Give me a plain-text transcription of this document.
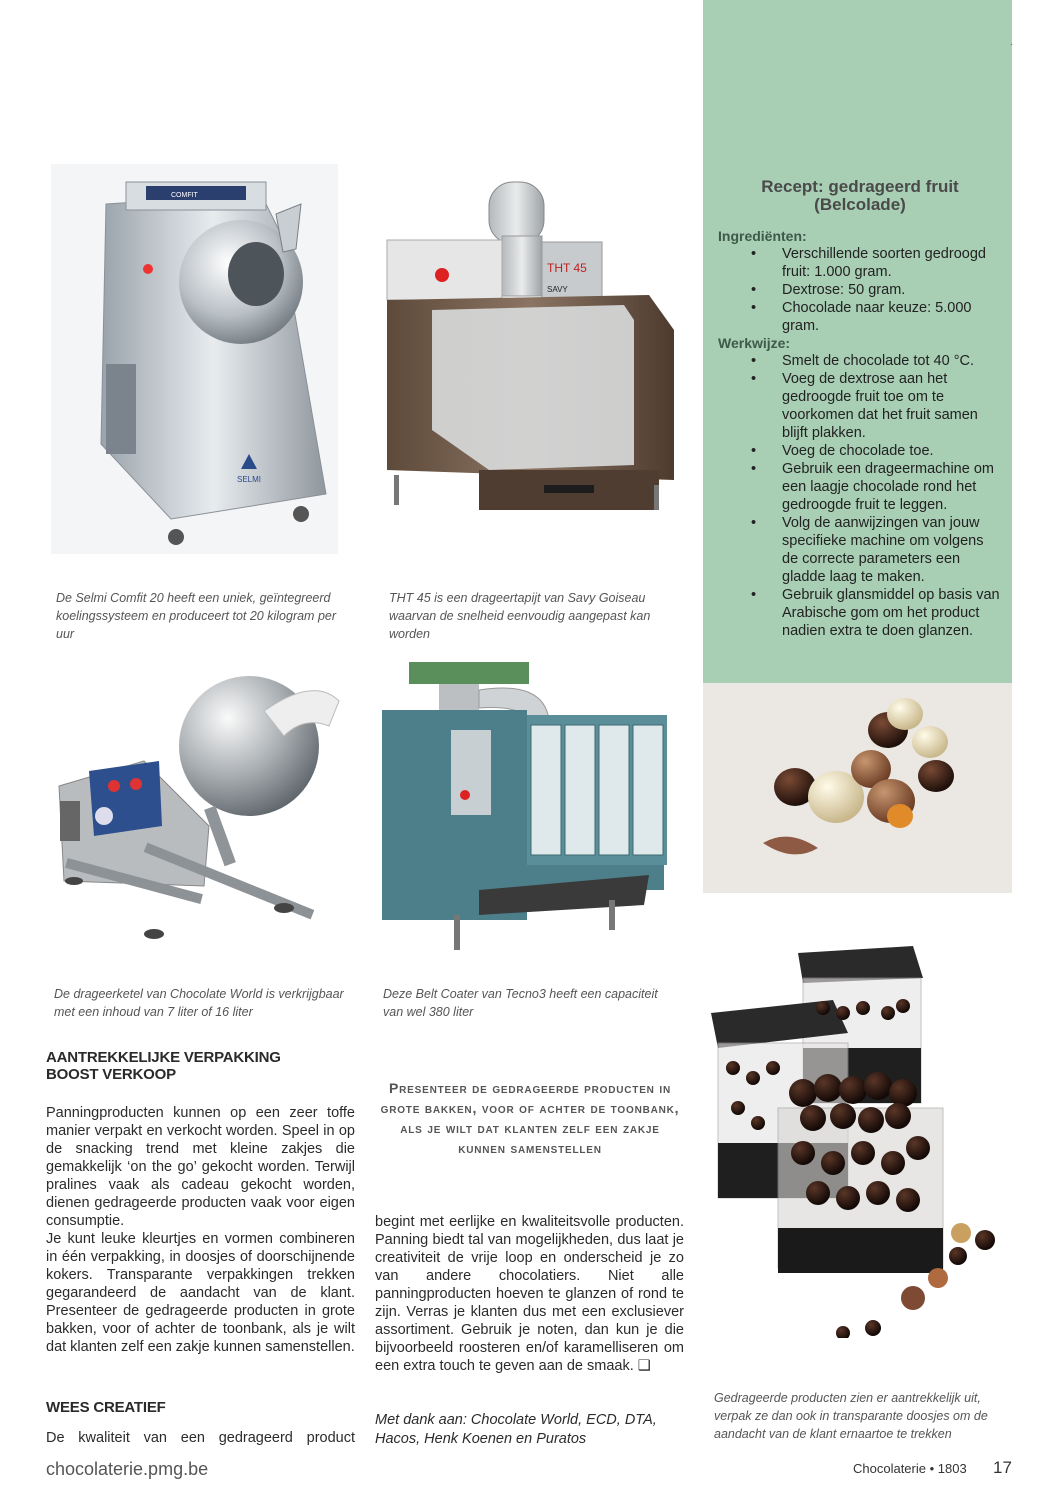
Recept: gedrageerd fruit
(Belcolade)
Ingrediënten:
• Verschillende soorten gedroogd fruit: 1.000 gram.
• Dextrose: 50 gram.
• Chocolade naar keuze: 5.000 gram.
Werkwijze:
• Smelt de chocolade tot 40 °C.
• Voeg de dextrose aan het gedroogde fruit toe om te voorkomen dat het fruit samen blijft plakken.
• Voeg de chocolade toe.
• Gebruik een drageermachine om een laagje chocolade rond het gedroogde fruit te leggen.
• Volg de aanwijzingen van jouw specifieke machine om volgens de correcte parameters een gladde laag te maken.
• Gebruik glansmiddel op basis van Arabische gom om het product nadien extra te doen glanzen.
·
COMFIT
SELMI
THT 45
SAVY
De Selmi Comfit 20 heeft een uniek, geïntegreerd koelingssysteem en produceert tot 20 kilogram per uur
THT 45 is een drageertapijt van Savy Goiseau waarvan de snelheid eenvoudig aangepast kan worden
De drageerketel van Chocolate World is verkrijgbaar met een inhoud van 7 liter of 16 liter
Deze Belt Coater van Tecno3 heeft een capaciteit van wel 380 liter
Gedrageerde producten zien er aantrekkelijk uit, verpak ze dan ook in transparante doosjes om de aandacht van de klant ernaartoe te trekken
AANTREKKELIJKE VERPAKKING
BOOST VERKOOP

Panningproducten kunnen op een zeer toffe manier verpakt en verkocht worden. Speel in op de snacking trend met kleine zakjes die gemakkelijk ‘on the go’ gekocht worden. Terwijl pralines vaak als cadeau gekocht worden, dienen gedrageerde producten vaak voor eigen consumptie.

Je kunt leuke kleurtjes en vormen combineren in één verpakking, in doosjes of doorschijnende kokers. Transparante verpakkingen trekken gegarandeerd de aandacht van de klant. Presenteer de gedrageerde producten in grote bakken, voor of achter de toonbank, als je wilt dat klanten zelf een zakje kunnen samenstellen.

WEES CREATIEF
De kwaliteit van een gedrageerd product
Presenteer de gedrageerde producten in grote bakken, voor of achter de toonbank, als je wilt dat klanten zelf een zakje kunnen samenstellen
begint met eerlijke en kwaliteitsvolle producten. Panning biedt tal van mogelijkheden, dus laat je creativiteit de vrije loop en onderscheid je zo van andere chocolatiers. Niet alle panningproducten hoeven te glanzen of rond te zijn. Verras je klanten dus met een exclusiever assortiment. Gebruik je noten, dan kun je die bijvoorbeeld roosteren en/of karamelliseren om een extra touch te geven aan de smaak. ❑
Met dank aan: Chocolate World, ECD, DTA, Hacos, Henk Koenen en Puratos
chocolaterie.pmg.be	Chocolaterie • 1803 17
